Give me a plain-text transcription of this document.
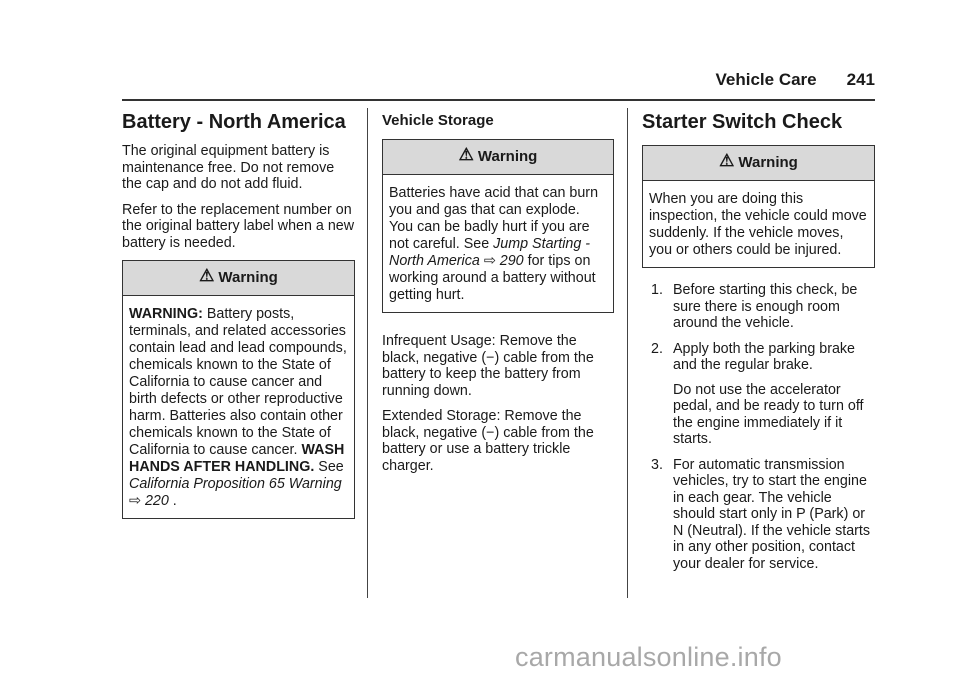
Vehicle Care 241
Battery - North America

The original equipment battery is maintenance free. Do not remove the cap and do not add fluid.

Refer to the replacement number on the original battery label when a new battery is needed.

⚠ Warning
WARNING: Battery posts, terminals, and related accessories contain lead and lead compounds, chemicals known to the State of California to cause cancer and birth defects or other reproductive harm. Batteries also contain other chemicals known to the State of California to cause cancer. WASH HANDS AFTER HANDLING. See California Proposition 65 Warning ⇨ 220 .
Vehicle Storage
⚠ Warning
Batteries have acid that can burn you and gas that can explode. You can be badly hurt if you are not careful. See Jump Starting - North America ⇨ 290 for tips on working around a battery without getting hurt.

Infrequent Usage: Remove the black, negative (−) cable from the battery to keep the battery from running down.

Extended Storage: Remove the black, negative (−) cable from the battery or use a battery trickle charger.

Starter Switch Check
⚠ Warning
When you are doing this inspection, the vehicle could move suddenly. If the vehicle moves, you or others could be injured.
1. Before starting this check, be sure there is enough room around the vehicle.
2. Apply both the parking brake and the regular brake.
Do not use the accelerator pedal, and be ready to turn off the engine immediately if it starts.
3. For automatic transmission vehicles, try to start the engine in each gear. The vehicle should start only in P (Park) or N (Neutral). If the vehicle starts in any other position, contact your dealer for service.
carmanualsonline.info
